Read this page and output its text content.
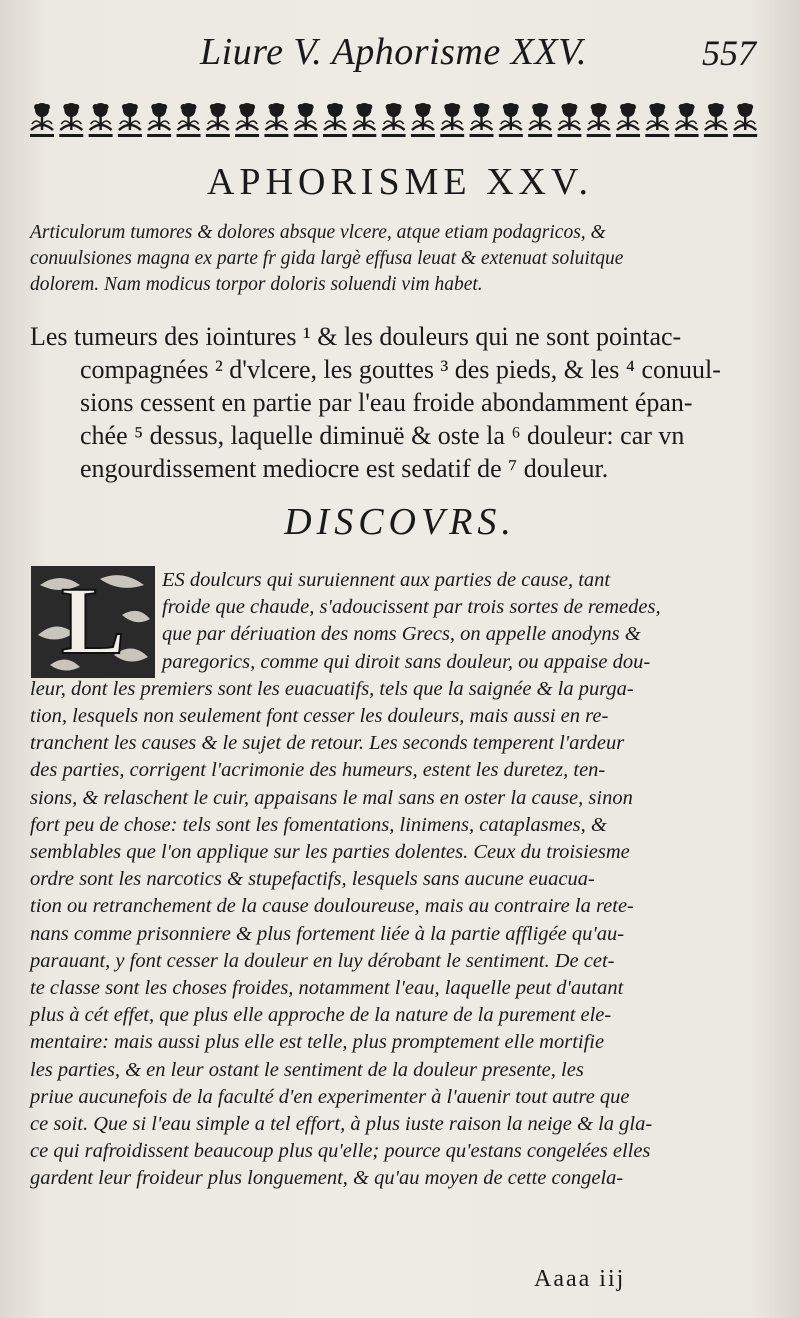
Liure V. Aphorisme XXV.	557
APHORISME XXV.
Articulorum tumores & dolores absque vlcere, atque etiam podagricos, &
conuulsiones magna ex parte fr gida largè effusa leuat & extenuat soluitque
dolorem. Nam modicus torpor doloris soluendi vim habet.
Les tumeurs des iointures ¹ & les douleurs qui ne sont pointac-
compagnées ² d'vlcere, les gouttes ³ des pieds, & les ⁴ conuul-
sions cessent en partie par l'eau froide abondamment épan-
chée ⁵ dessus, laquelle diminuë & oste la ⁶ douleur: car vn
engourdissement mediocre est sedatif de ⁷ douleur.
DISCOVRS.
L	ES doulcurs qui suruiennent aux parties de cause, tant
froide que chaude, s'adoucissent par trois sortes de remedes,
que par dériuation des noms Grecs, on appelle anodyns &
paregorics, comme qui diroit sans douleur, ou appaise dou-
leur, dont les premiers sont les euacuatifs, tels que la saignée & la purga-
tion, lesquels non seulement font cesser les douleurs, mais aussi en re-
tranchent les causes & le sujet de retour. Les seconds temperent l'ardeur
des parties, corrigent l'acrimonie des humeurs, estent les duretez, ten-
sions, & relaschent le cuir, appaisans le mal sans en oster la cause, sinon
fort peu de chose: tels sont les fomentations, linimens, cataplasmes, &
semblables que l'on applique sur les parties dolentes. Ceux du troisiesme
ordre sont les narcotics & stupefactifs, lesquels sans aucune euacua-
tion ou retranchement de la cause douloureuse, mais au contraire la rete-
nans comme prisonniere & plus fortement liée à la partie affligée qu'au-
parauant, y font cesser la douleur en luy dérobant le sentiment. De cet-
te classe sont les choses froides, notamment l'eau, laquelle peut d'autant
plus à cét effet, que plus elle approche de la nature de la purement ele-
mentaire: mais aussi plus elle est telle, plus promptement elle mortifie
les parties, & en leur ostant le sentiment de la douleur presente, les
priue aucunefois de la faculté d'en experimenter à l'auenir tout autre que
ce soit. Que si l'eau simple a tel effort, à plus iuste raison la neige & la gla-
ce qui rafroidissent beaucoup plus qu'elle; pource qu'estans congelées elles
gardent leur froideur plus longuement, & qu'au moyen de cette congela-
Aaaa iij
